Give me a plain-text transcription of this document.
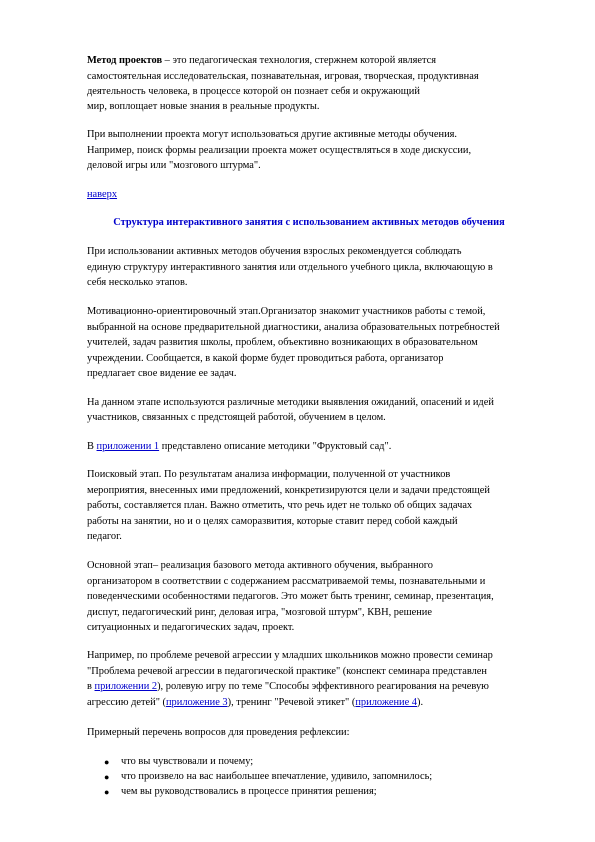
Метод проектов – это педагогическая технология, стержнем которой является
самостоятельная исследовательская, познавательная, игровая, творческая, продуктивная
деятельность человека, в процессе которой он познает себя и окружающий
мир, воплощает новые знания в реальные продукты.
При выполнении проекта могут использоваться другие активные методы обучения.
Например, поиск формы реализации проекта может осуществляться в ходе дискуссии,
деловой игры или "мозгового штурма".
наверх
Структура интерактивного занятия с использованием активных методов обучения
При использовании активных методов обучения взрослых рекомендуется соблюдать
единую структуру интерактивного занятия или отдельного учебного цикла, включающую в
себя несколько этапов.
Мотивационно-ориентировочный этап.Организатор знакомит участников работы с темой,
выбранной на основе предварительной диагностики, анализа образовательных потребностей
учителей, задач развития школы, проблем, объективно возникающих в образовательном
учреждении. Сообщается, в какой форме будет проводиться работа, организатор
предлагает свое видение ее задач.
На данном этапе используются различные методики выявления ожиданий, опасений и идей
участников, связанных с предстоящей работой, обучением в целом.
В приложении 1 представлено описание методики "Фруктовый сад".
Поисковый этап. По результатам анализа информации, полученной от участников
мероприятия, внесенных ими предложений, конкретизируются цели и задачи предстоящей
работы, составляется план. Важно отметить, что речь идет не только об общих задачах
работы на занятии, но и о целях саморазвития, которые ставит перед собой каждый
педагог.
Основной этап– реализация базового метода активного обучения, выбранного
организатором в соответствии с содержанием рассматриваемой темы, познавательными и
поведенческими особенностями педагогов. Это может быть тренинг, семинар, презентация,
диспут, педагогический ринг, деловая игра, "мозговой штурм", КВН, решение
ситуационных и педагогических задач, проект.
Например, по проблеме речевой агрессии у младших школьников можно провести семинар
"Проблема речевой агрессии в педагогической практике" (конспект семинара представлен
в приложении 2), ролевую игру по теме "Способы эффективного реагирования на речевую
агрессию детей" (приложение 3), тренинг "Речевой этикет" (приложение 4).
Примерный перечень вопросов для проведения рефлексии:
● что вы чувствовали и почему;
● что произвело на вас наибольшее впечатление, удивило, запомнилось;
● чем вы руководствовались в процессе принятия решения;
